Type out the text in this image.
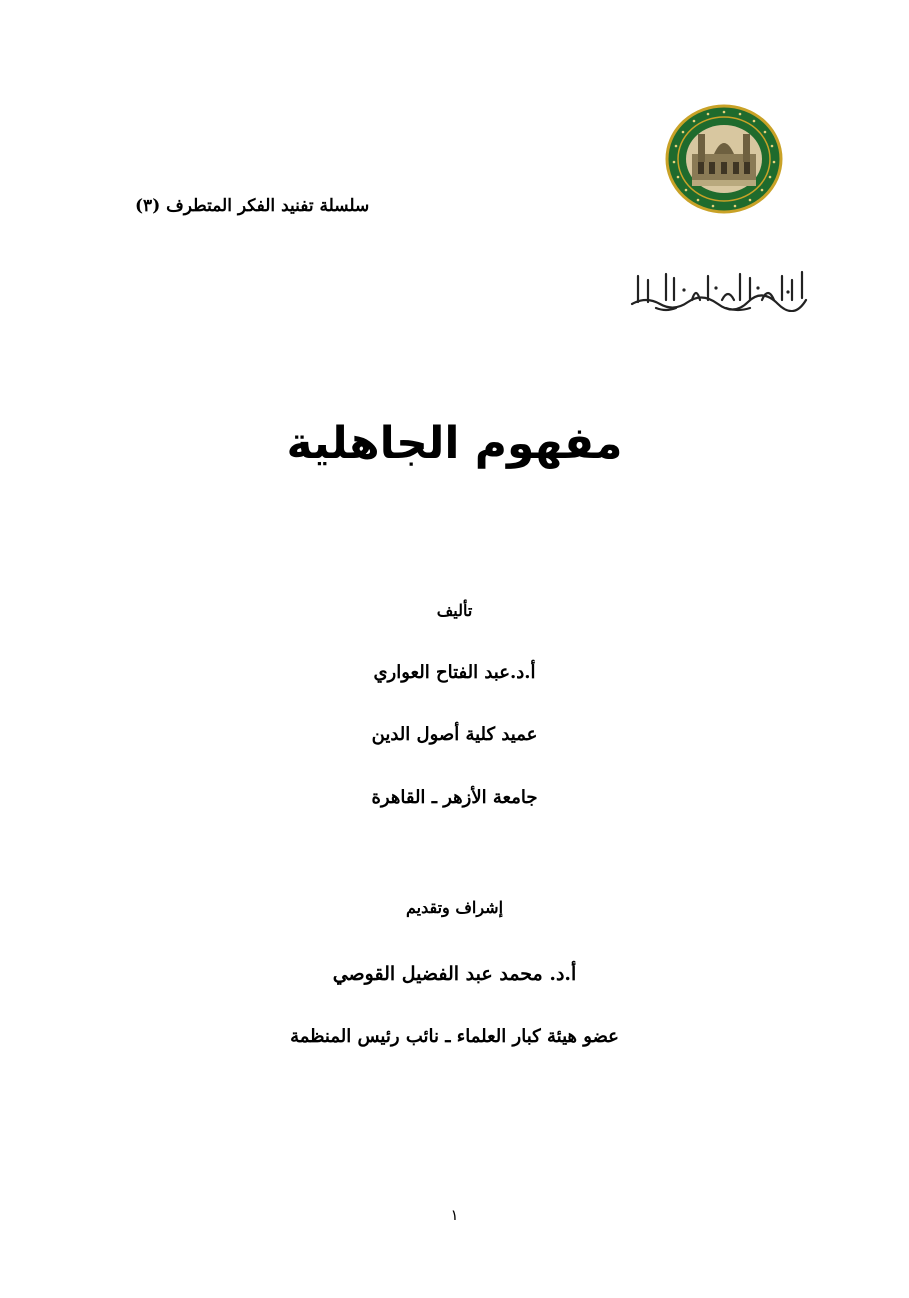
سلسلة تفنيد الفكر المتطرف (٣)
مفهوم الجاهلية
تأليف
أ.د.عبد الفتاح العواري
عميد كلية أصول الدين
جامعة الأزهر ـ القاهرة
إشراف وتقديم
أ.د. محمد عبد الفضيل القوصي
عضو هيئة كبار العلماء ـ نائب رئيس المنظمة
١
